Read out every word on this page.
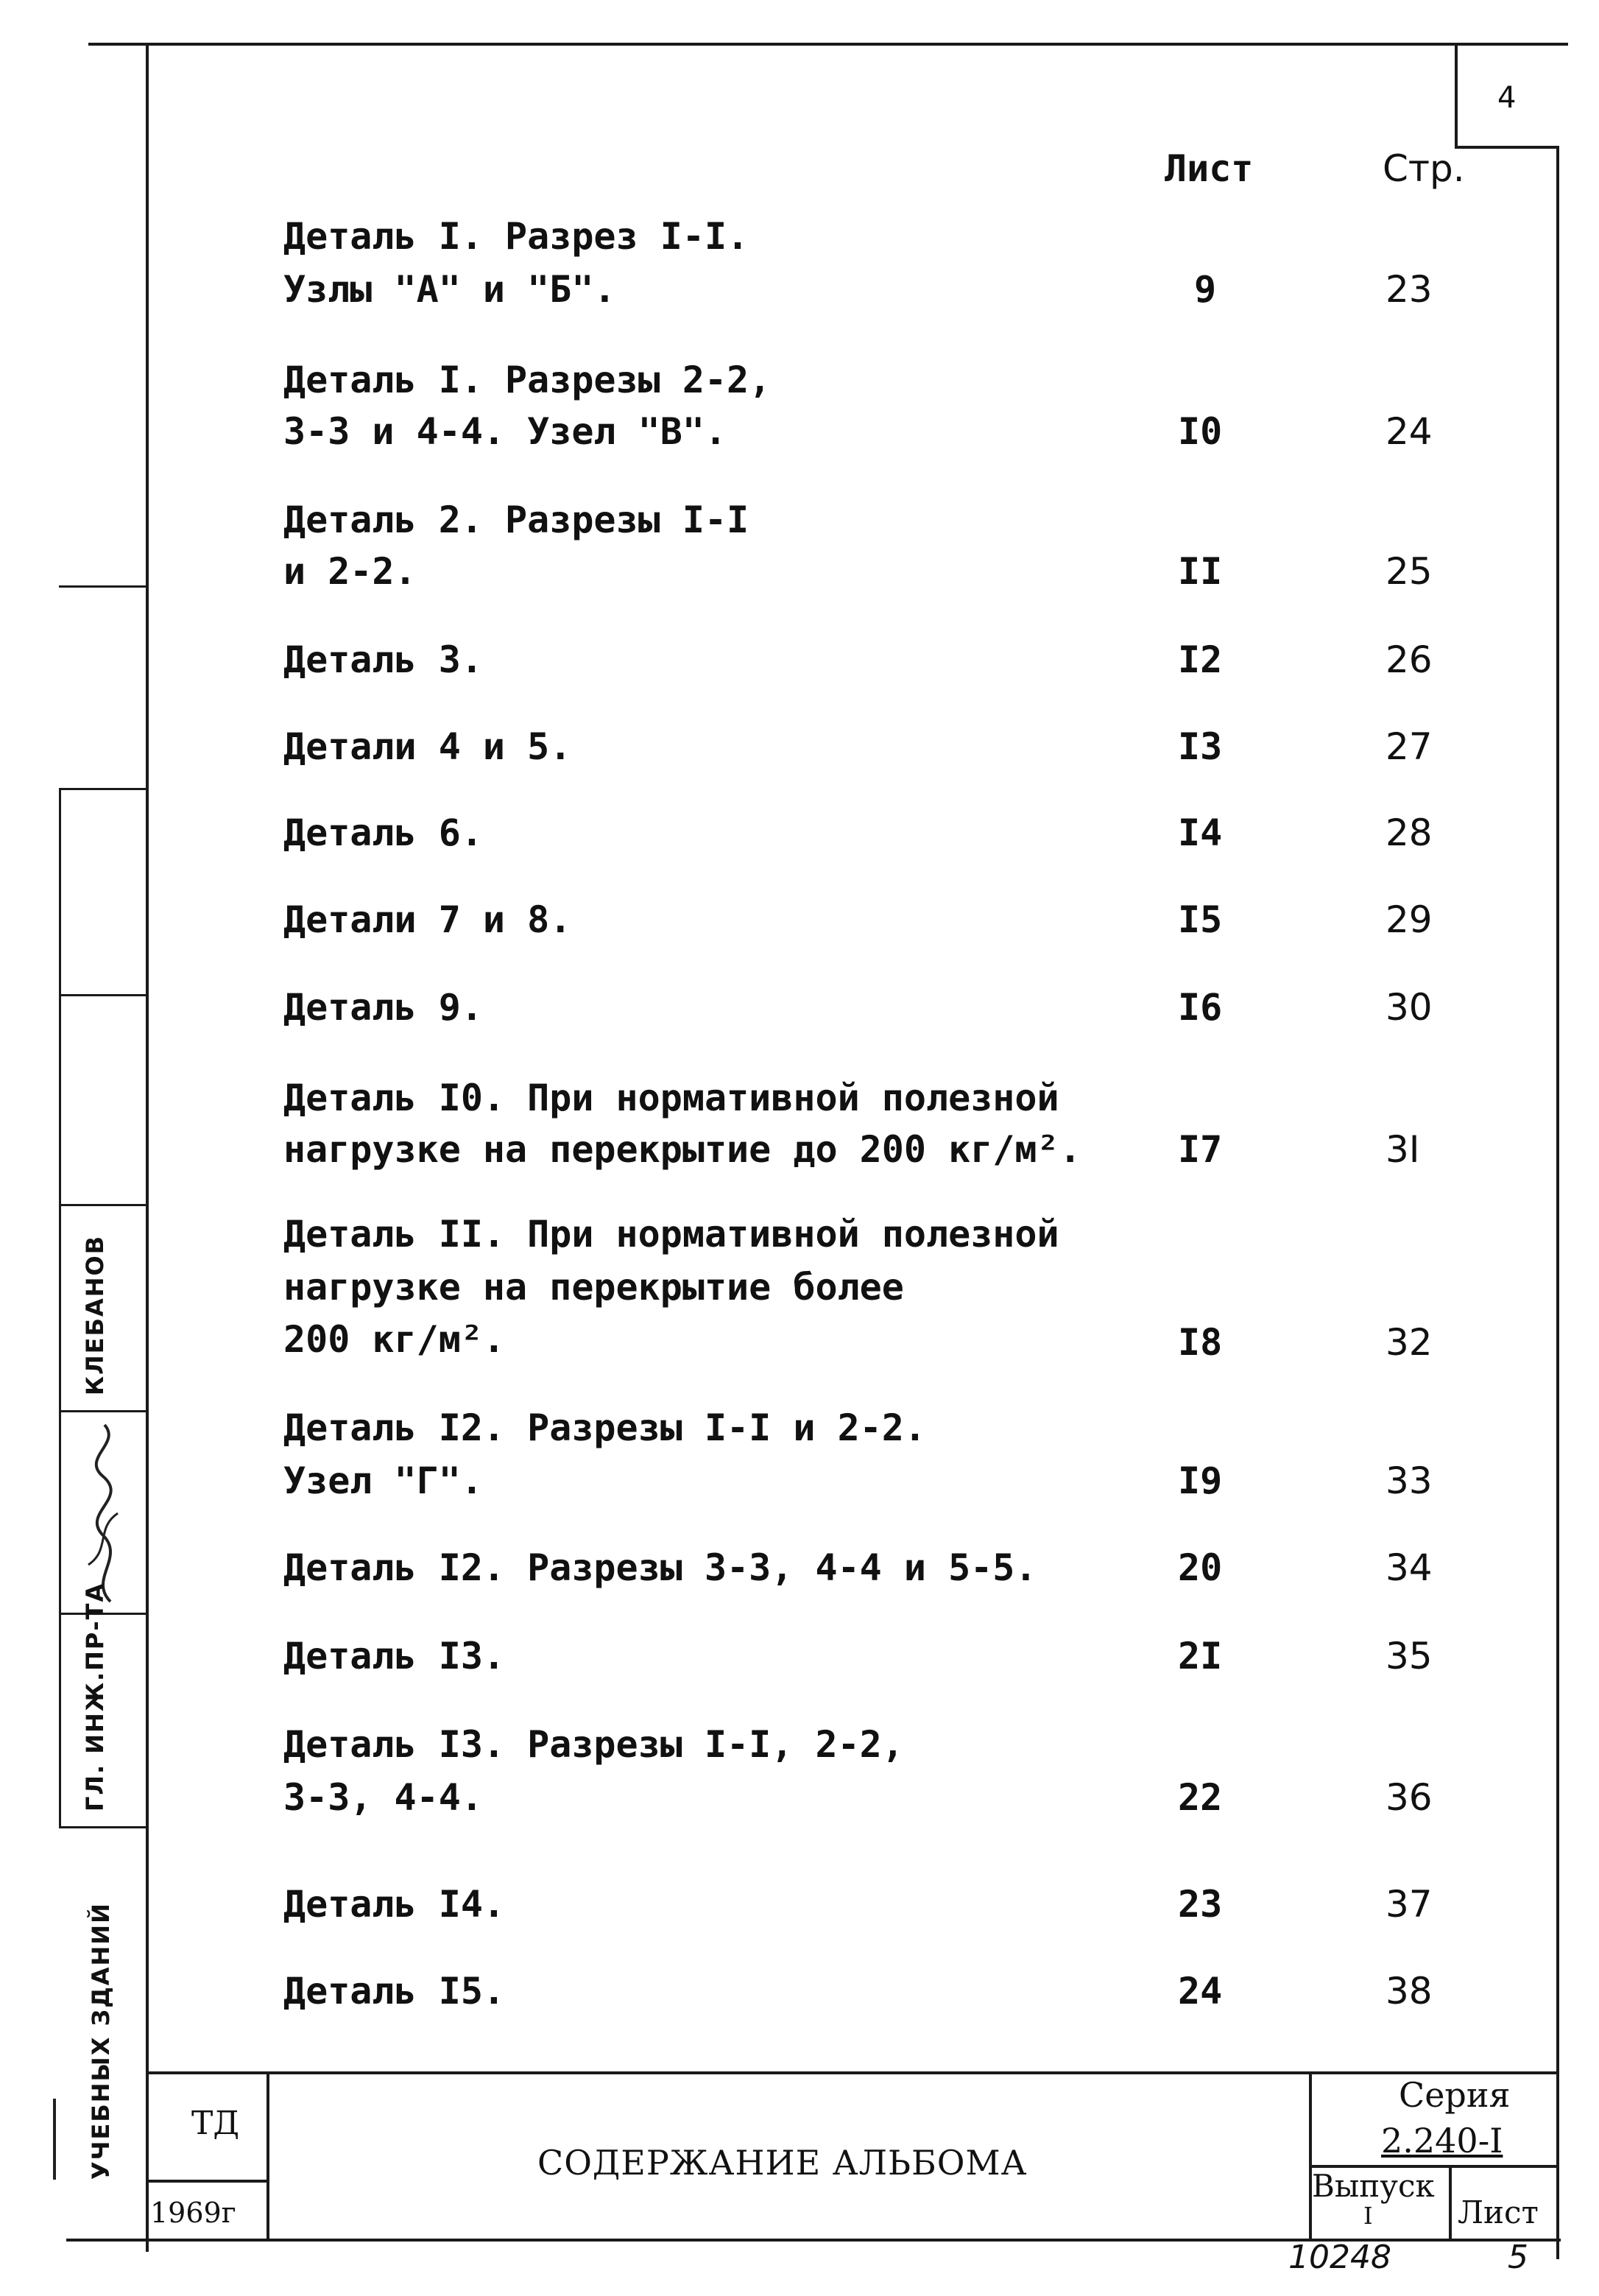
4
Лист	Стр.
Деталь I. Разрез I-I.
Узлы "А" и "Б".	9	23
Деталь I. Разрезы 2-2,
3-3 и 4-4. Узел "В".	I0	24
Деталь 2. Разрезы I-I
и 2-2.	II	25
Деталь 3.	I2	26
Детали 4 и 5.	I3	27
Деталь 6.	I4	28
Детали 7 и 8.	I5	29
Деталь 9.	I6	30
Деталь I0. При нормативной полезной
нагрузке на перекрытие до 200 кг/м².	I7	3I
Деталь II. При нормативной полезной
нагрузке на перекрытие более
200 кг/м².	I8	32
Деталь I2. Разрезы I-I и 2-2.
Узел "Г".	I9	33
Деталь I2. Разрезы 3-3, 4-4 и 5-5.	20	34
Деталь I3.	2I	35
Деталь I3. Разрезы I-I, 2-2,
3-3, 4-4.	22	36
Деталь I4.	23	37
Деталь I5.	24	38
КЛЕБАНОВ
ГЛ. ИНЖ.ПР-ТА
УЧЕБНЫХ ЗДАНИЙ ТД
1969г
СОДЕРЖАНИЕ АЛЬБОМА
Серия
2.240-I
Выпуск
I	Лист
10248	5
